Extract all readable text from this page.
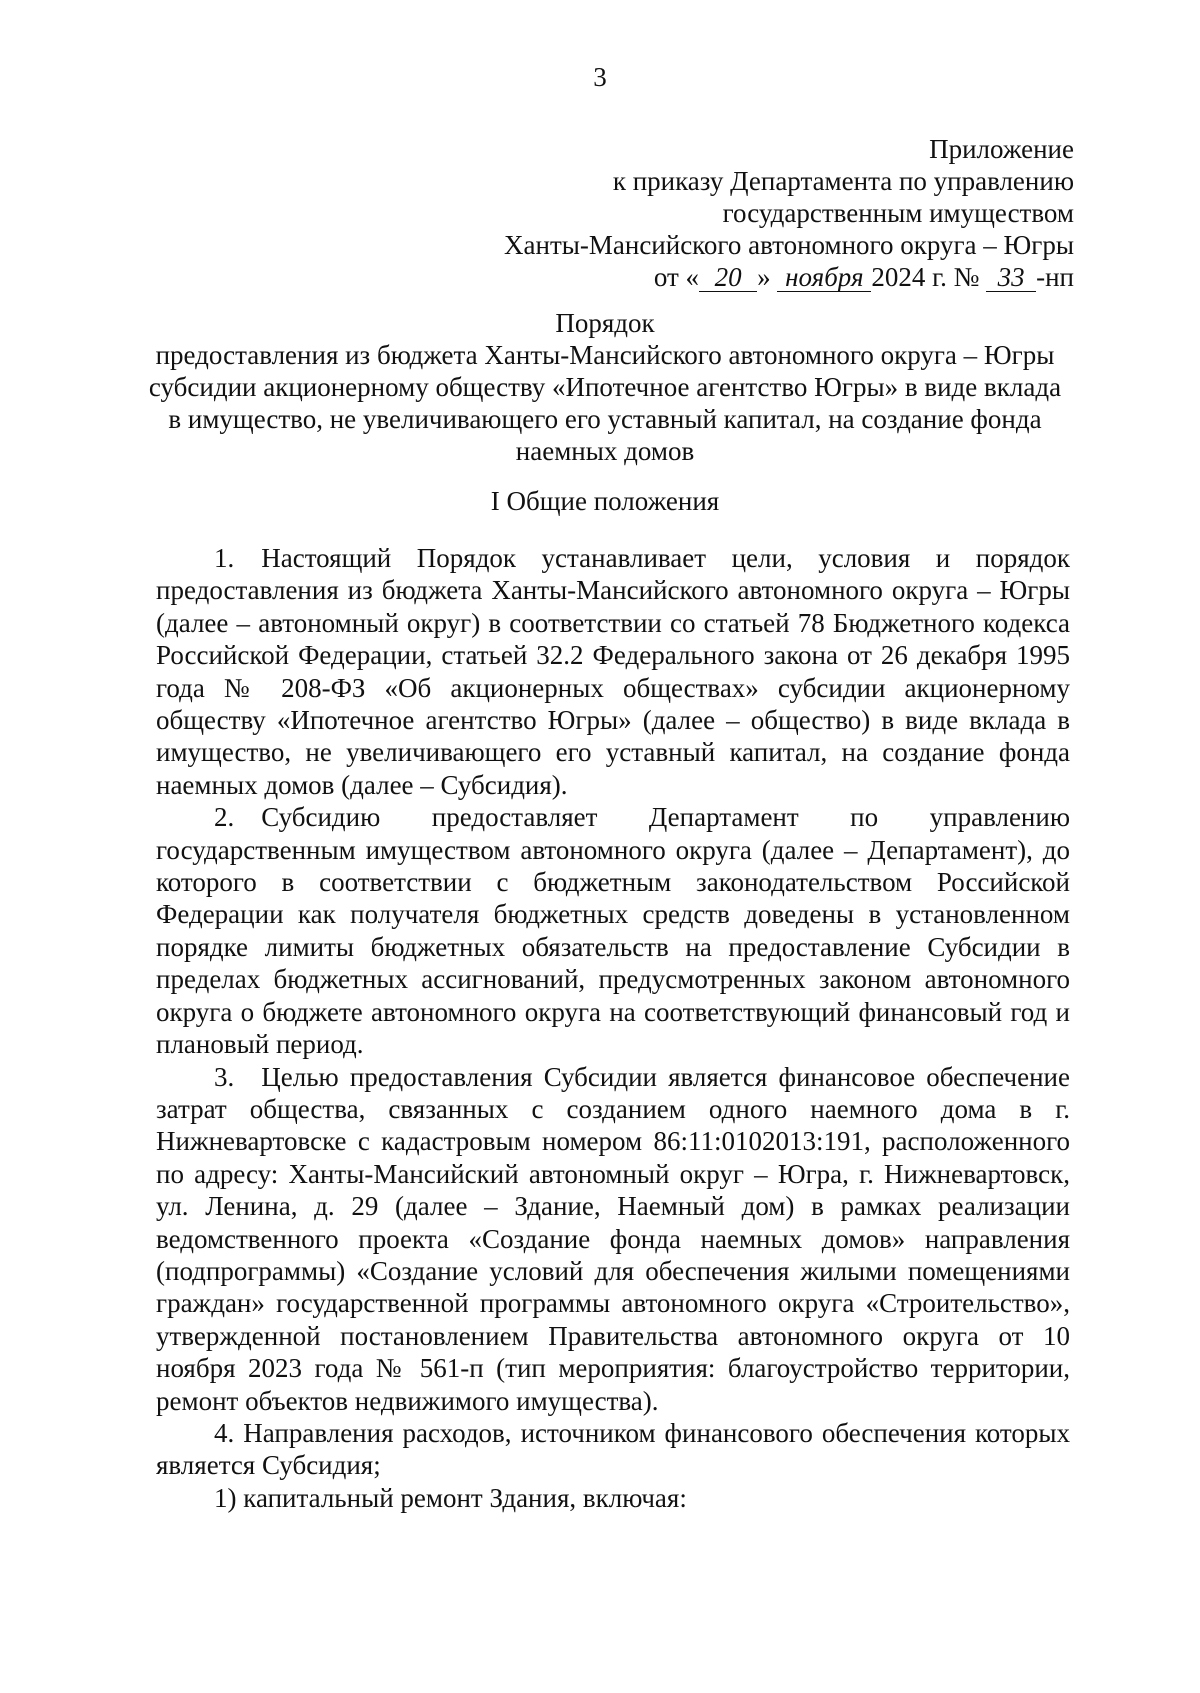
3
Приложение
к приказу Департамента по управлению
государственным имуществом
Ханты-Мансийского автономного округа – Югры
от « 20 » ноября 2024 г. № 33 -нп
Порядок
предоставления из бюджета Ханты-Мансийского автономного округа – Югры субсидии акционерному обществу «Ипотечное агентство Югры» в виде вклада в имущество, не увеличивающего его уставный капитал, на создание фонда наемных домов
I Общие положения

1. Настоящий Порядок устанавливает цели, условия и порядок предоставления из бюджета Ханты-Мансийского автономного округа – Югры (далее – автономный округ) в соответствии со статьей 78 Бюджетного кодекса Российской Федерации, статьей 32.2 Федерального закона от 26 декабря 1995 года № 208-ФЗ «Об акционерных обществах» субсидии акционерному обществу «Ипотечное агентство Югры» (далее – общество) в виде вклада в имущество, не увеличивающего его уставный капитал, на создание фонда наемных домов (далее – Субсидия).

2. Субсидию предоставляет Департамент по управлению государственным имуществом автономного округа (далее – Департамент), до которого в соответствии с бюджетным законодательством Российской Федерации как получателя бюджетных средств доведены в установленном порядке лимиты бюджетных обязательств на предоставление Субсидии в пределах бюджетных ассигнований, предусмотренных законом автономного округа о бюджете автономного округа на соответствующий финансовый год и плановый период.

3. Целью предоставления Субсидии является финансовое обеспечение затрат общества, связанных с созданием одного наемного дома в г. Нижневартовске с кадастровым номером 86:11:0102013:191, расположенного по адресу: Ханты-Мансийский автономный округ – Югра, г. Нижневартовск, ул. Ленина, д. 29 (далее – Здание, Наемный дом) в рамках реализации ведомственного проекта «Создание фонда наемных домов» направления (подпрограммы) «Создание условий для обеспечения жилыми помещениями граждан» государственной программы автономного округа «Строительство», утвержденной постановлением Правительства автономного округа от 10 ноября 2023 года № 561-п (тип мероприятия: благоустройство территории, ремонт объектов недвижимого имущества).

4. Направления расходов, источником финансового обеспечения которых является Субсидия;

1) капитальный ремонт Здания, включая:
